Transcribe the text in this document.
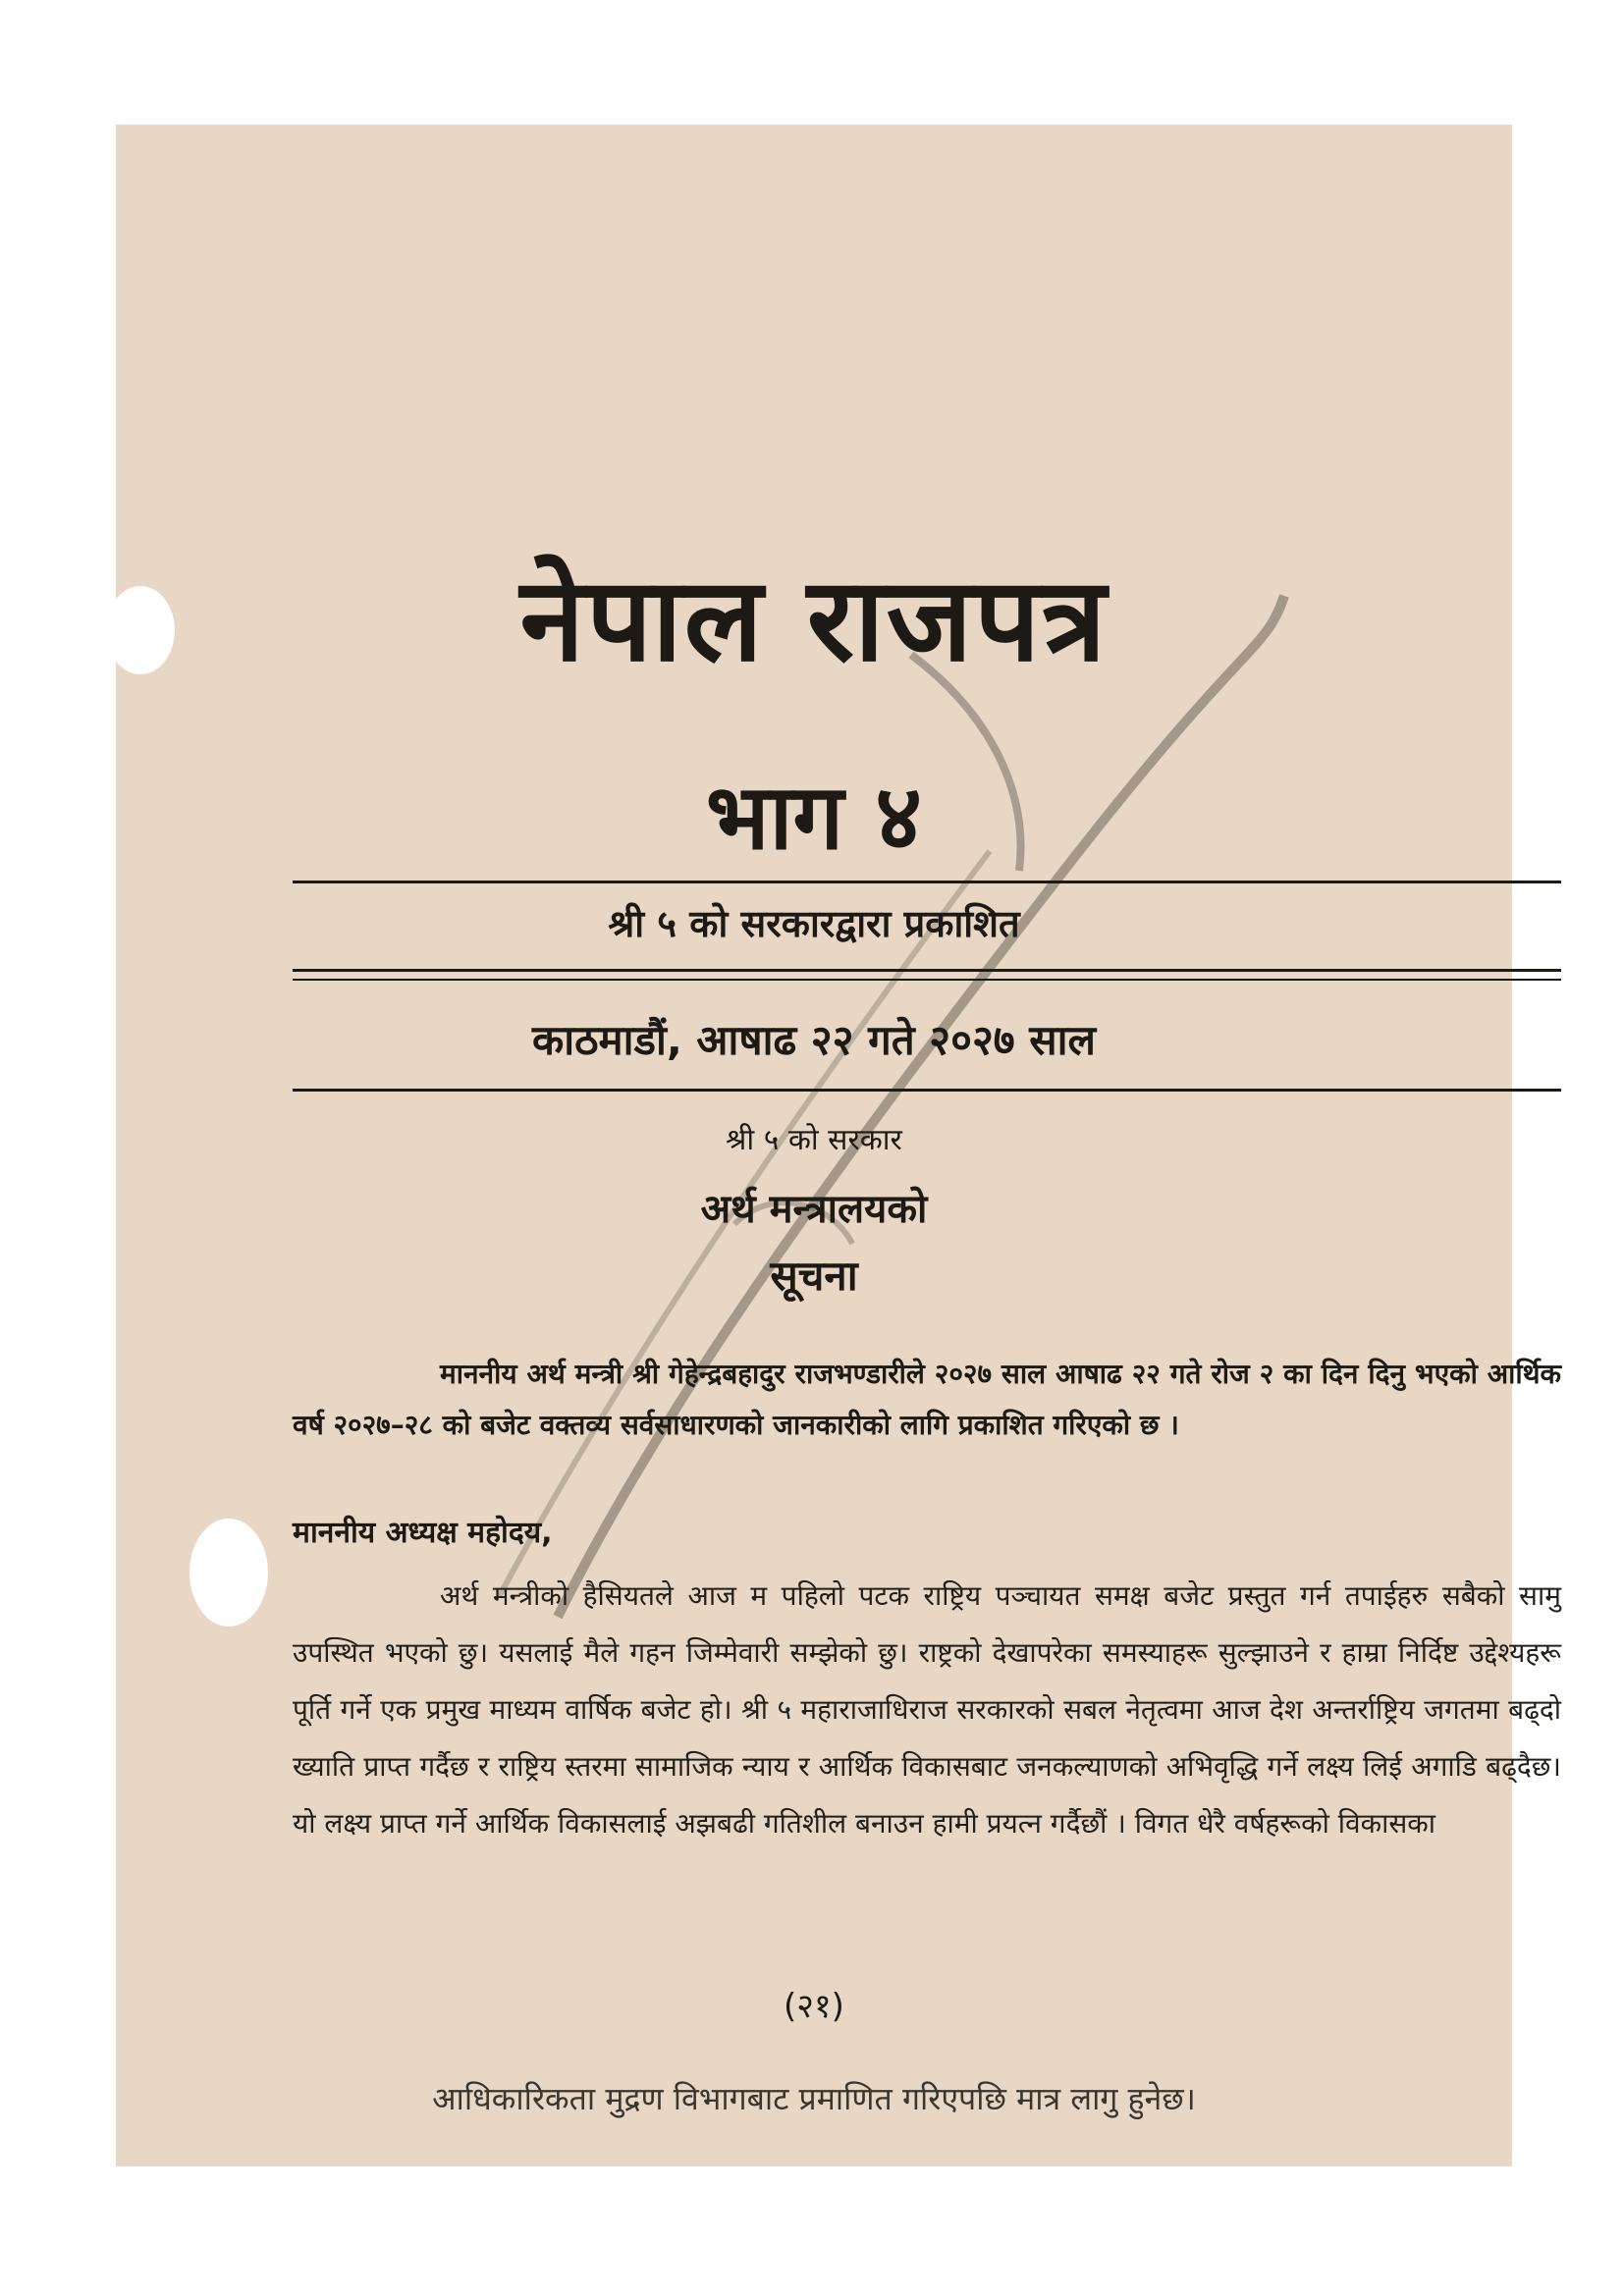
नेपाल राजपत्र
भाग ४
श्री ५ को सरकारद्वारा प्रकाशित
काठमाडौं, आषाढ २२ गते २०२७ साल
श्री ५ को सरकार
अर्थ मन्त्रालयको
सूचना

माननीय अर्थ मन्त्री श्री गेहेन्द्रबहादुर राजभण्डारीले २०२७ साल आषाढ २२ गते रोज २ का दिन दिनु भएको आर्थिक वर्ष २०२७–२८ को बजेट वक्तव्य सर्वसाधारणको जानकारीको लागि प्रकाशित गरिएको छ ।

माननीय अध्यक्ष महोदय,

अर्थ मन्त्रीको हैसियतले आज म पहिलो पटक राष्ट्रिय पञ्चायत समक्ष बजेट प्रस्तुत गर्न तपाईहरु सबैको सामु उपस्थित भएको छु। यसलाई मैले गहन जिम्मेवारी सम्झेको छु। राष्ट्रको देखापरेका समस्याहरू सुल्झाउने र हाम्रा निर्दिष्ट उद्देश्यहरू पूर्ति गर्ने एक प्रमुख माध्यम वार्षिक बजेट हो। श्री ५ महाराजाधिराज सरकारको सबल नेतृत्वमा आज देश अन्तर्राष्ट्रिय जगतमा बढ्दो ख्याति प्राप्त गर्दैछ र राष्ट्रिय स्तरमा सामाजिक न्याय र आर्थिक विकासबाट जनकल्याणको अभिवृद्धि गर्ने लक्ष्य लिई अगाडि बढ्दैछ। यो लक्ष्य प्राप्त गर्ने आर्थिक विकासलाई अझबढी गतिशील बनाउन हामी प्रयत्न गर्दैछौं । विगत धेरै वर्षहरूको विकासका

(२१)
आधिकारिकता मुद्रण विभागबाट प्रमाणित गरिएपछि मात्र लागु हुनेछ।
